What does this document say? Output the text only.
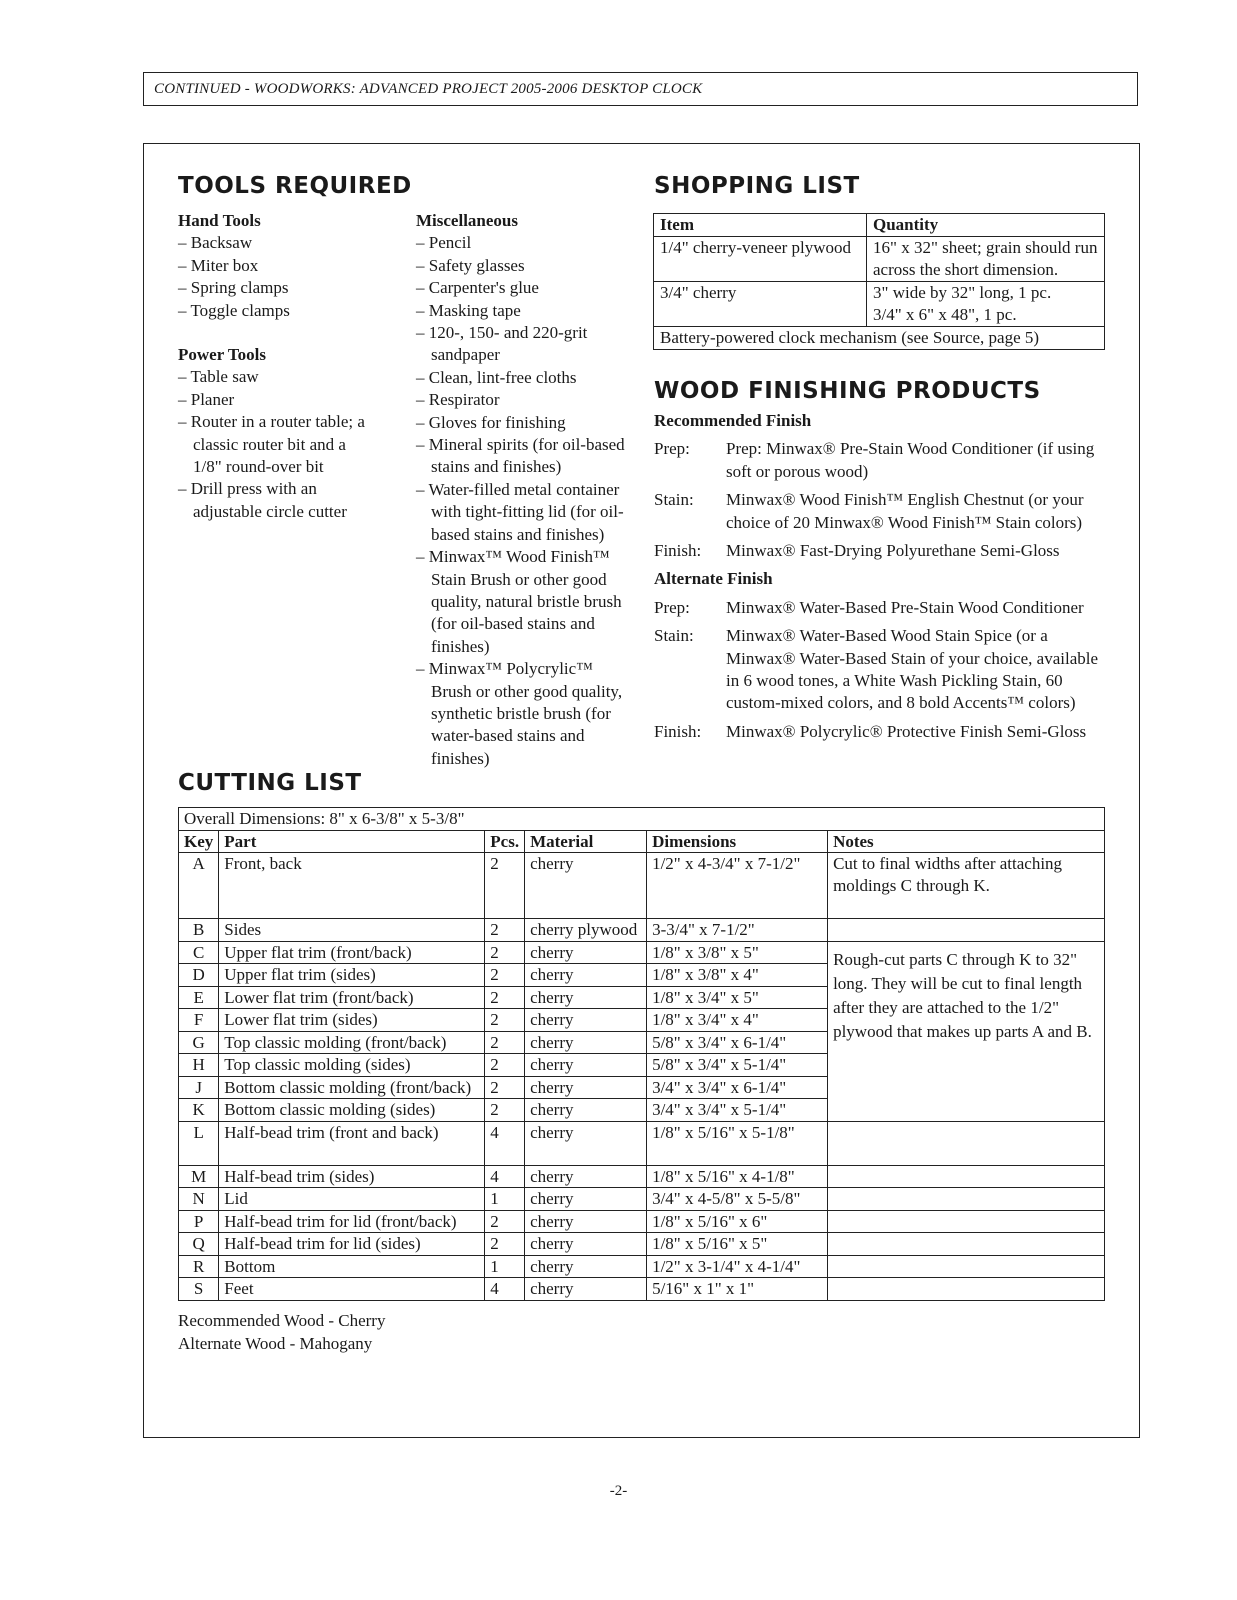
CONTINUED - WOODWORKS: ADVANCED PROJECT 2005-2006 DESKTOP CLOCK
TOOLS REQUIRED
Hand Tools
– Backsaw
– Miter box
– Spring clamps
– Toggle clamps
Power Tools
– Table saw
– Planer
– Router in a router table; a classic router bit and a 1/8" round-over bit
– Drill press with an adjustable circle cutter
Miscellaneous
– Pencil
– Safety glasses
– Carpenter's glue
– Masking tape
– 120-, 150- and 220-grit sandpaper
– Clean, lint-free cloths
– Respirator
– Gloves for finishing
– Mineral spirits (for oil-based stains and finishes)
– Water-filled metal container with tight-fitting lid (for oil-based stains and finishes)
– Minwax™ Wood Finish™ Stain Brush or other good quality, natural bristle brush (for oil-based stains and finishes)
– Minwax™ Polycrylic™ Brush or other good quality, synthetic bristle brush (for water-based stains and finishes)
SHOPPING LIST
Item	Quantity
1/4" cherry-veneer plywood	16" x 32" sheet; grain should run across the short dimension.
3/4" cherry	3" wide by 32" long, 1 pc.
3/4" x 6" x 48", 1 pc.

Battery-powered clock mechanism (see Source, page 5)	
WOOD FINISHING PRODUCTS
Recommended Finish
Prep:	Prep: Minwax® Pre-Stain Wood Conditioner (if using soft or porous wood)
Stain:	Minwax® Wood Finish™ English Chestnut (or your choice of 20 Minwax® Wood Finish™ Stain colors)
Finish:	Minwax® Fast-Drying Polyurethane Semi-Gloss
Alternate Finish
Prep:	Minwax® Water-Based Pre-Stain Wood Conditioner
Stain:	Minwax® Water-Based Wood Stain Spice (or a Minwax® Water-Based Stain of your choice, available in 6 wood tones, a White Wash Pickling Stain, 60 custom-mixed colors, and 8 bold Accents™ colors)
Finish:	Minwax® Polycrylic® Protective Finish Semi-Gloss
CUTTING LIST
Overall Dimensions: 8" x 6-3/8" x 5-3/8"					
Key	Part	Pcs.	Material	Dimensions	Notes
A	Front, back	2	cherry	1/2" x 4-3/4" x 7-1/2"	Cut to final widths after attaching moldings C through K.
B	Sides	2	cherry plywood	3-3/4" x 7-1/2"	
C	Upper flat trim (front/back)	2	cherry	1/8" x 3/8" x 5"	Rough-cut parts C through K to 32" long. They will be cut to final length after they are attached to the 1/2" plywood that makes up parts A and B.
D	Upper flat trim (sides)	2	cherry	1/8" x 3/8" x 4"	
E	Lower flat trim (front/back)	2	cherry	1/8" x 3/4" x 5"	
F	Lower flat trim (sides)	2	cherry	1/8" x 3/4" x 4"	
G	Top classic molding (front/back)	2	cherry	5/8" x 3/4" x 6-1/4"	
H	Top classic molding (sides)	2	cherry	5/8" x 3/4" x 5-1/4"	
J	Bottom classic molding (front/back)	2	cherry	3/4" x 3/4" x 6-1/4"	
K	Bottom classic molding (sides)	2	cherry	3/4" x 3/4" x 5-1/4"	
L	Half-bead trim (front and back)	4	cherry	1/8" x 5/16" x 5-1/8"	
M	Half-bead trim (sides)	4	cherry	1/8" x 5/16" x 4-1/8"	
N	Lid	1	cherry	3/4" x 4-5/8" x 5-5/8"	
P	Half-bead trim for lid (front/back)	2	cherry	1/8" x 5/16" x 6"	
Q	Half-bead trim for lid (sides)	2	cherry	1/8" x 5/16" x 5"	
R	Bottom	1	cherry	1/2" x 3-1/4" x 4-1/4"	
S	Feet	4	cherry	5/16" x 1" x 1"	
Recommended Wood - Cherry
Alternate Wood - Mahogany
-2-
